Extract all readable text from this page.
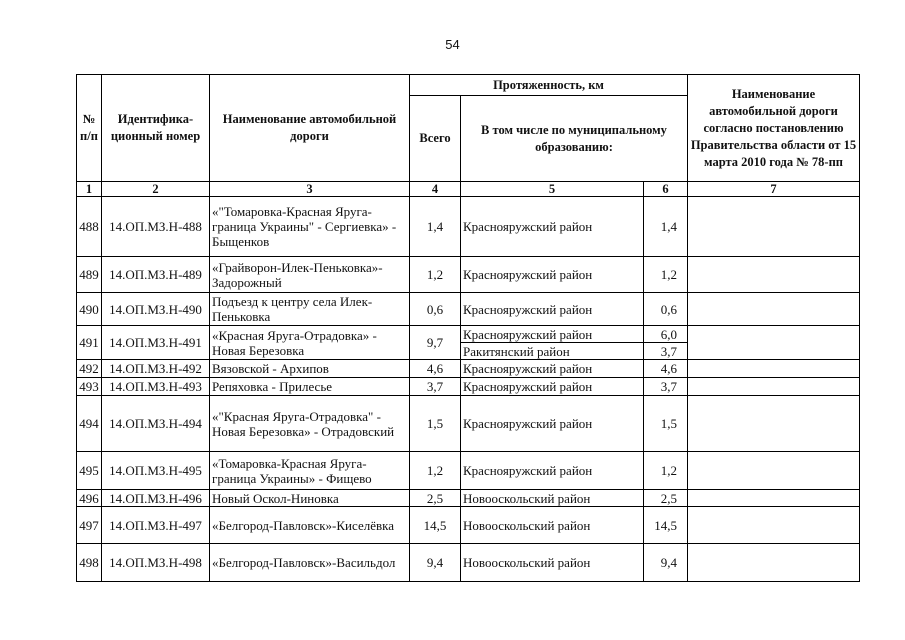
54
№ п/п	Идентифика-ционный номер	Наименование автомобильной дороги	Протяженность, км			Наименование автомобильной дороги согласно постановлению Правительства области от 15 марта 2010 года № 78-пп
			Всего	В том числе по муниципальному образованию:		
1	2	3	4	5	6	7
488	14.ОП.МЗ.Н-488	«"Томаровка-Красная Яруга-граница Украины" - Сергиевка» - Быщенков	1,4	Краснояружский район	1,4	
489	14.ОП.МЗ.Н-489	«Грайворон-Илек-Пеньковка»-Задорожный	1,2	Краснояружский район	1,2	
490	14.ОП.МЗ.Н-490	Подъезд к центру села Илек-Пеньковка	0,6	Краснояружский район	0,6	
491	14.ОП.МЗ.Н-491	«Красная Яруга-Отрадовка» - Новая Березовка	9,7	Краснояружский район	6,0	
				Ракитянский район	3,7	
492	14.ОП.МЗ.Н-492	Вязовской - Архипов	4,6	Краснояружский район	4,6	
493	14.ОП.МЗ.Н-493	Репяховка - Прилесье	3,7	Краснояружский район	3,7	
494	14.ОП.МЗ.Н-494	«"Красная Яруга-Отрадовка" - Новая Березовка» - Отрадовский	1,5	Краснояружский район	1,5	
495	14.ОП.МЗ.Н-495	«Томаровка-Красная Яруга-граница Украины» - Фищево	1,2	Краснояружский район	1,2	
496	14.ОП.МЗ.Н-496	Новый Оскол-Ниновка	2,5	Новооскольский район	2,5	
497	14.ОП.МЗ.Н-497	«Белгород-Павловск»-Киселёвка	14,5	Новооскольский район	14,5	
498	14.ОП.МЗ.Н-498	«Белгород-Павловск»-Васильдол	9,4	Новооскольский район	9,4	
